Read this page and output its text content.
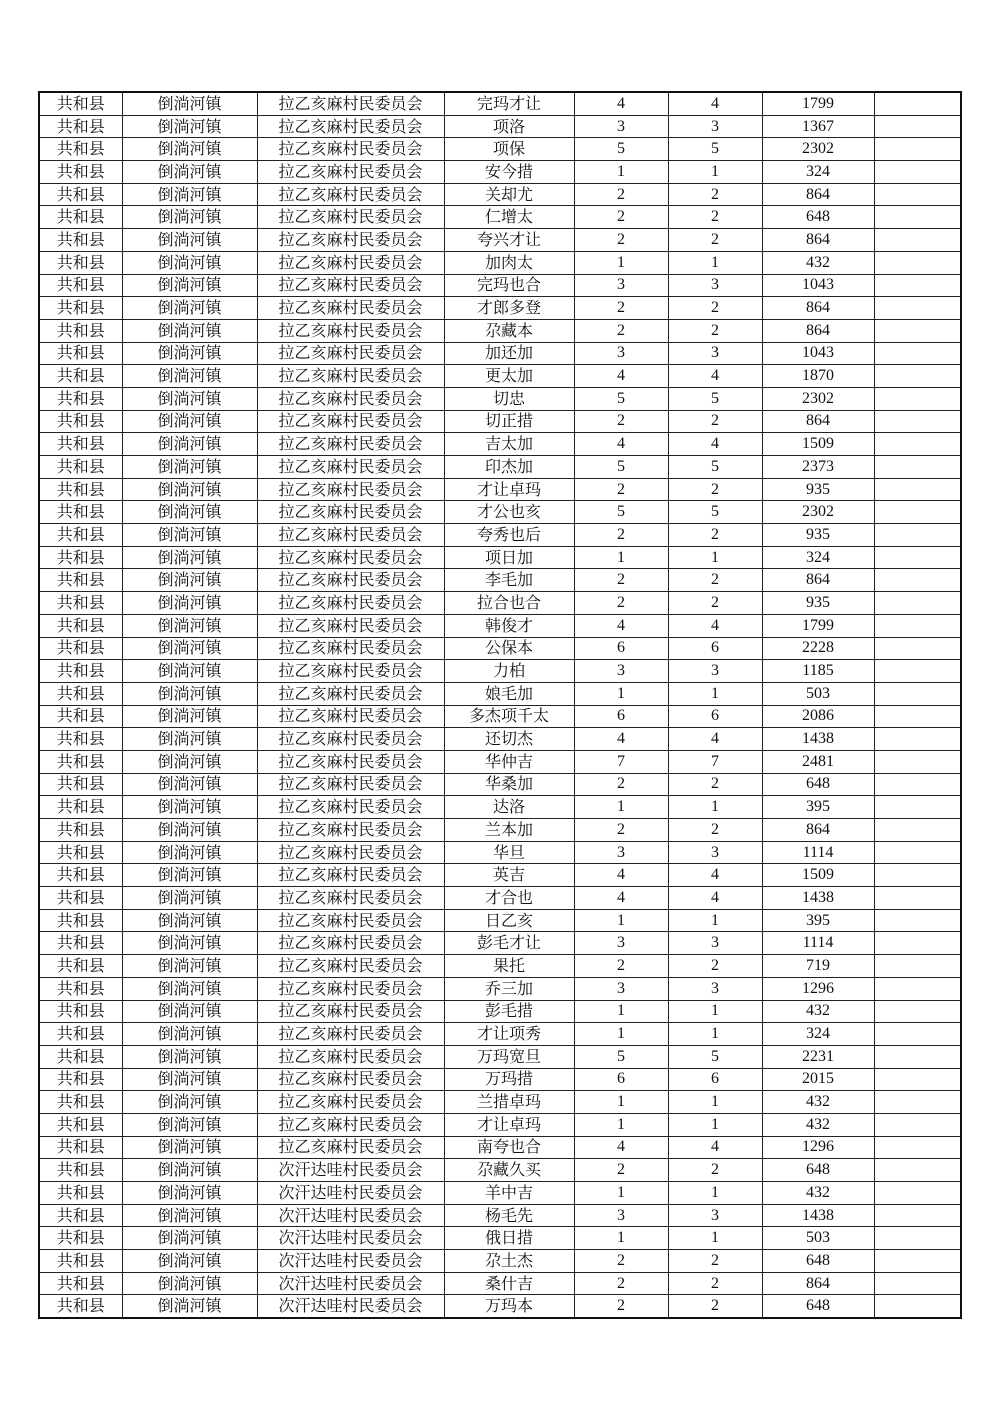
共和县	倒淌河镇	拉乙亥麻村民委员会	完玛才让	4	4	1799	
共和县	倒淌河镇	拉乙亥麻村民委员会	项洛	3	3	1367	
共和县	倒淌河镇	拉乙亥麻村民委员会	项保	5	5	2302	
共和县	倒淌河镇	拉乙亥麻村民委员会	安今措	1	1	324	
共和县	倒淌河镇	拉乙亥麻村民委员会	关却尤	2	2	864	
共和县	倒淌河镇	拉乙亥麻村民委员会	仁增太	2	2	648	
共和县	倒淌河镇	拉乙亥麻村民委员会	夸兴才让	2	2	864	
共和县	倒淌河镇	拉乙亥麻村民委员会	加肉太	1	1	432	
共和县	倒淌河镇	拉乙亥麻村民委员会	完玛也合	3	3	1043	
共和县	倒淌河镇	拉乙亥麻村民委员会	才郎多登	2	2	864	
共和县	倒淌河镇	拉乙亥麻村民委员会	尕藏本	2	2	864	
共和县	倒淌河镇	拉乙亥麻村民委员会	加还加	3	3	1043	
共和县	倒淌河镇	拉乙亥麻村民委员会	更太加	4	4	1870	
共和县	倒淌河镇	拉乙亥麻村民委员会	切忠	5	5	2302	
共和县	倒淌河镇	拉乙亥麻村民委员会	切正措	2	2	864	
共和县	倒淌河镇	拉乙亥麻村民委员会	吉太加	4	4	1509	
共和县	倒淌河镇	拉乙亥麻村民委员会	印杰加	5	5	2373	
共和县	倒淌河镇	拉乙亥麻村民委员会	才让卓玛	2	2	935	
共和县	倒淌河镇	拉乙亥麻村民委员会	才公也亥	5	5	2302	
共和县	倒淌河镇	拉乙亥麻村民委员会	夸秀也后	2	2	935	
共和县	倒淌河镇	拉乙亥麻村民委员会	项日加	1	1	324	
共和县	倒淌河镇	拉乙亥麻村民委员会	李毛加	2	2	864	
共和县	倒淌河镇	拉乙亥麻村民委员会	拉合也合	2	2	935	
共和县	倒淌河镇	拉乙亥麻村民委员会	韩俊才	4	4	1799	
共和县	倒淌河镇	拉乙亥麻村民委员会	公保本	6	6	2228	
共和县	倒淌河镇	拉乙亥麻村民委员会	力柏	3	3	1185	
共和县	倒淌河镇	拉乙亥麻村民委员会	娘毛加	1	1	503	
共和县	倒淌河镇	拉乙亥麻村民委员会	多杰项千太	6	6	2086	
共和县	倒淌河镇	拉乙亥麻村民委员会	还切杰	4	4	1438	
共和县	倒淌河镇	拉乙亥麻村民委员会	华仲吉	7	7	2481	
共和县	倒淌河镇	拉乙亥麻村民委员会	华桑加	2	2	648	
共和县	倒淌河镇	拉乙亥麻村民委员会	达洛	1	1	395	
共和县	倒淌河镇	拉乙亥麻村民委员会	兰本加	2	2	864	
共和县	倒淌河镇	拉乙亥麻村民委员会	华旦	3	3	1114	
共和县	倒淌河镇	拉乙亥麻村民委员会	英吉	4	4	1509	
共和县	倒淌河镇	拉乙亥麻村民委员会	才合也	4	4	1438	
共和县	倒淌河镇	拉乙亥麻村民委员会	日乙亥	1	1	395	
共和县	倒淌河镇	拉乙亥麻村民委员会	彭毛才让	3	3	1114	
共和县	倒淌河镇	拉乙亥麻村民委员会	果托	2	2	719	
共和县	倒淌河镇	拉乙亥麻村民委员会	乔三加	3	3	1296	
共和县	倒淌河镇	拉乙亥麻村民委员会	彭毛措	1	1	432	
共和县	倒淌河镇	拉乙亥麻村民委员会	才让项秀	1	1	324	
共和县	倒淌河镇	拉乙亥麻村民委员会	万玛宽旦	5	5	2231	
共和县	倒淌河镇	拉乙亥麻村民委员会	万玛措	6	6	2015	
共和县	倒淌河镇	拉乙亥麻村民委员会	兰措卓玛	1	1	432	
共和县	倒淌河镇	拉乙亥麻村民委员会	才让卓玛	1	1	432	
共和县	倒淌河镇	拉乙亥麻村民委员会	南夸也合	4	4	1296	
共和县	倒淌河镇	次汗达哇村民委员会	尕藏久买	2	2	648	
共和县	倒淌河镇	次汗达哇村民委员会	羊中吉	1	1	432	
共和县	倒淌河镇	次汗达哇村民委员会	杨毛先	3	3	1438	
共和县	倒淌河镇	次汗达哇村民委员会	俄日措	1	1	503	
共和县	倒淌河镇	次汗达哇村民委员会	尕土杰	2	2	648	
共和县	倒淌河镇	次汗达哇村民委员会	桑什吉	2	2	864	
共和县	倒淌河镇	次汗达哇村民委员会	万玛本	2	2	648	
